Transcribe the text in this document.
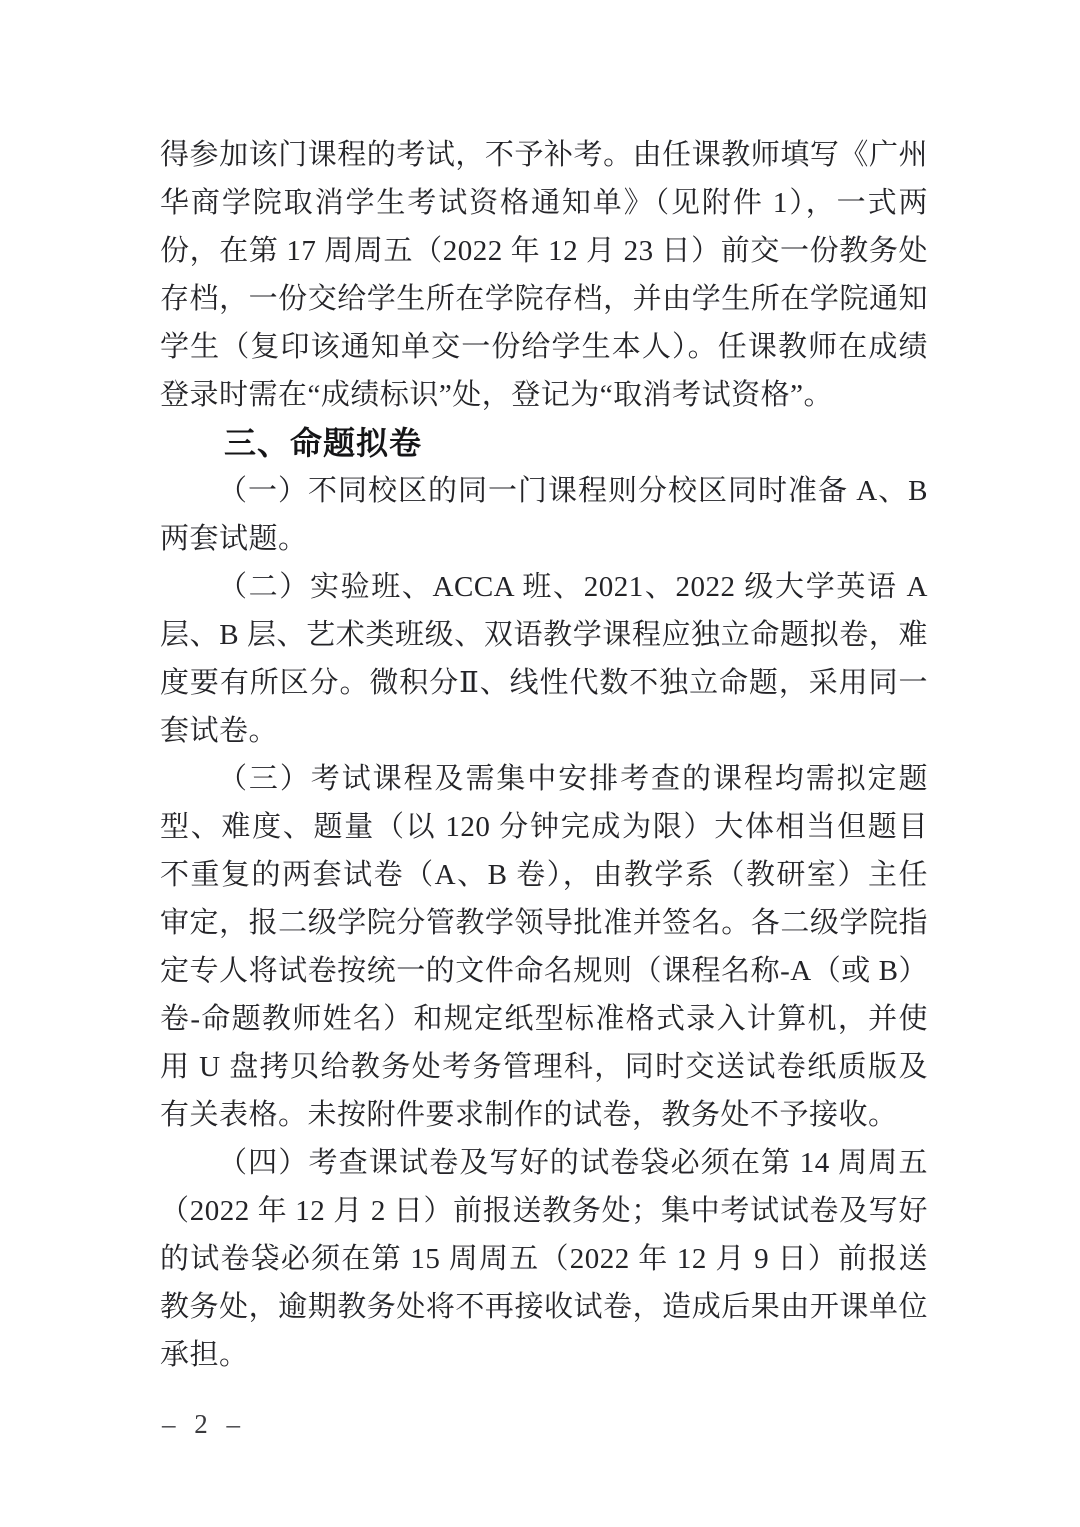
得参加该门课程的考试，不予补考。由任课教师填写《广州华商学院取消学生考试资格通知单》（见附件 1），一式两份，在第 17 周周五（2022 年 12 月 23 日）前交一份教务处存档，一份交给学生所在学院存档，并由学生所在学院通知学生（复印该通知单交一份给学生本人）。任课教师在成绩登录时需在“成绩标识”处，登记为“取消考试资格”。

三、命题拟卷

（一）不同校区的同一门课程则分校区同时准备 A、B 两套试题。

（二）实验班、ACCA 班、2021、2022 级大学英语 A 层、B 层、艺术类班级、双语教学课程应独立命题拟卷，难度要有所区分。微积分Ⅱ、线性代数不独立命题，采用同一套试卷。

（三）考试课程及需集中安排考查的课程均需拟定题型、难度、题量（以 120 分钟完成为限）大体相当但题目不重复的两套试卷（A、B 卷），由教学系（教研室）主任审定，报二级学院分管教学领导批准并签名。各二级学院指定专人将试卷按统一的文件命名规则（课程名称-A（或 B）卷-命题教师姓名）和规定纸型标准格式录入计算机，并使用 U 盘拷贝给教务处考务管理科，同时交送试卷纸质版及有关表格。未按附件要求制作的试卷，教务处不予接收。

（四）考查课试卷及写好的试卷袋必须在第 14 周周五（2022 年 12 月 2 日）前报送教务处；集中考试试卷及写好的试卷袋必须在第 15 周周五（2022 年 12 月 9 日）前报送教务处，逾期教务处将不再接收试卷，造成后果由开课单位承担。

– 2 –
